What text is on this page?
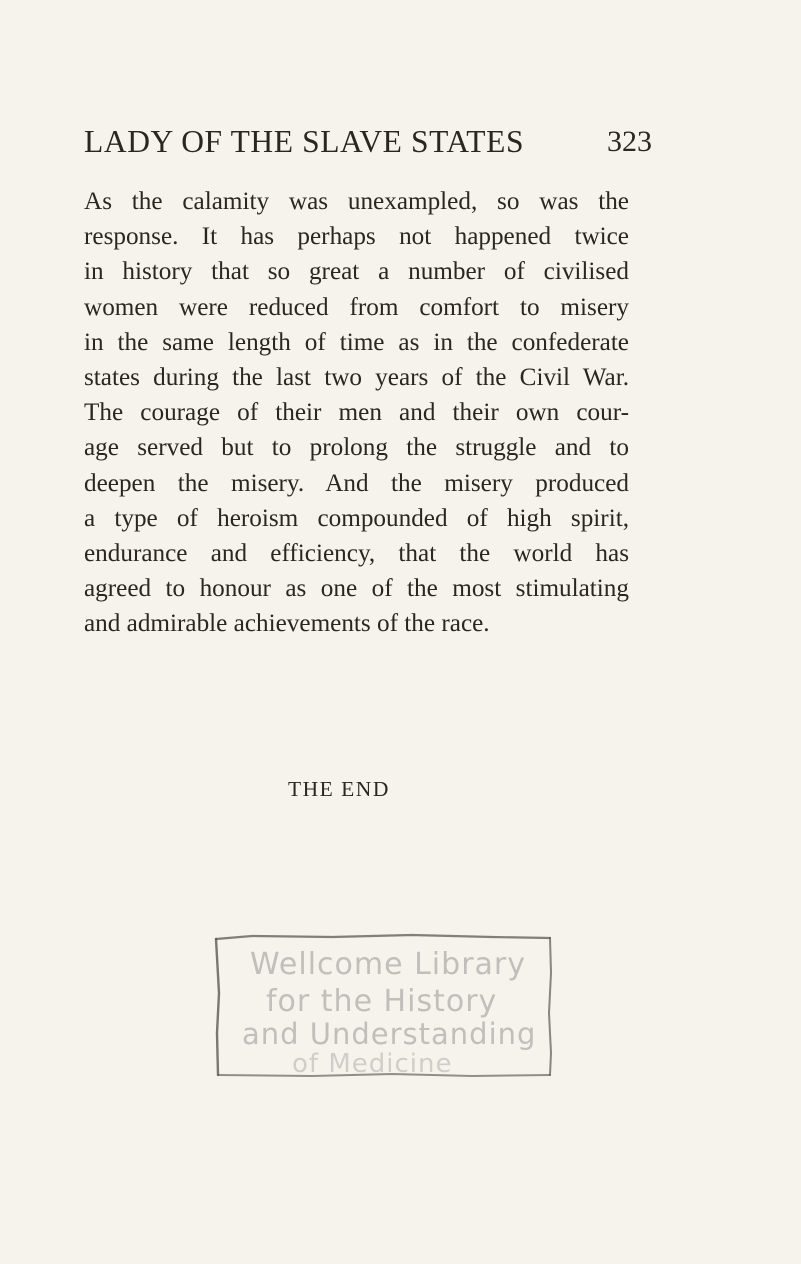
LADY OF THE SLAVE STATES	323

As the calamity was unexampled, so was the
response. It has perhaps not happened twice
in history that so great a number of civilised
women were reduced from comfort to misery
in the same length of time as in the confederate
states during the last two years of the Civil War.
The courage of their men and their own cour-
age served but to prolong the struggle and to
deepen the misery. And the misery produced
a type of heroism compounded of high spirit,
endurance and efficiency, that the world has
agreed to honour as one of the most stimulating
and admirable achievements of the race.

THE END
Wellcome Library
for the History
and Understanding
of Medicine
